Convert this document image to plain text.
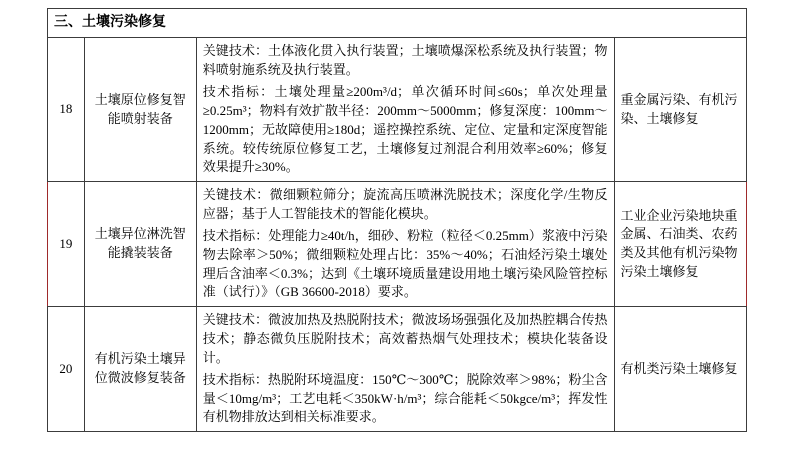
三、土壤污染修复			
18	土壤原位修复智能喷射装备	关键技术：土体液化贯入执行装置；土壤喷爆深松系统及执行装置；物料喷射施系统及执行装置。

技术指标：土壤处理量≥200m³/d；单次循环时间≤60s；单次处理量≥0.25m³；物料有效扩散半径：200mm～5000mm；修复深度：100mm～1200mm；无故障使用≥180d；遥控操控系统、定位、定量和定深度智能系统。较传统原位修复工艺，土壤修复过剂混合利用效率≥60%；修复效果提升≥30%。	重金属污染、有机污染、土壤修复
19	土壤异位淋洗智能撬装装备	关键技术：微细颗粒筛分；旋流高压喷淋洗脱技术；深度化学/生物反应器；基于人工智能技术的智能化模块。

技术指标：处理能力≥40t/h，细砂、粉粒（粒径＜0.25mm）浆液中污染物去除率＞50%；微细颗粒处理占比：35%～40%；石油烃污染土壤处理后含油率＜0.3%；达到《土壤环境质量建设用地土壤污染风险管控标准（试行）》（GB 36600-2018）要求。	工业企业污染地块重金属、石油类、农药类及其他有机污染物污染土壤修复
20	有机污染土壤异位微波修复装备	关键技术：微波加热及热脱附技术；微波场场强强化及加热腔耦合传热技术；静态微负压脱附技术；高效蓄热烟气处理技术；模块化装备设计。

技术指标：热脱附环境温度：150℃～300℃；脱除效率＞98%；粉尘含量＜10mg/m³；工艺电耗＜350kW·h/m³；综合能耗＜50kgce/m³；挥发性有机物排放达到相关标准要求。	有机类污染土壤修复
